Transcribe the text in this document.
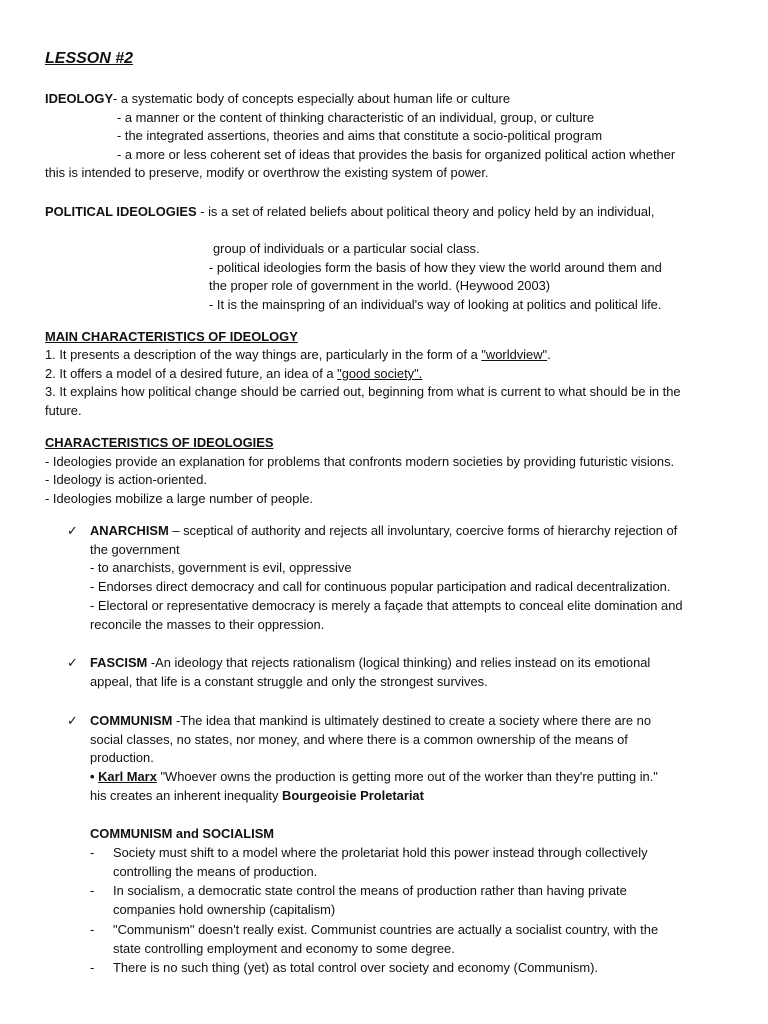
LESSON #2
IDEOLOGY- a systematic body of concepts especially about human life or culture
- a manner or the content of thinking characteristic of an individual, group, or culture
- the integrated assertions, theories and aims that constitute a socio-political program
- a more or less coherent set of ideas that provides the basis for organized political action whether
this is intended to preserve, modify or overthrow the existing system of power.
POLITICAL IDEOLOGIES - is a set of related beliefs about political theory and policy held by an individual,
group of individuals or a particular social class.
- political ideologies form the basis of how they view the world around them and
the proper role of government in the world. (Heywood 2003)
- It is the mainspring of an individual's way of looking at politics and political life.
MAIN CHARACTERISTICS OF IDEOLOGY
1. It presents a description of the way things are, particularly in the form of a "worldview".
2. It offers a model of a desired future, an idea of a "good society".
3. It explains how political change should be carried out, beginning from what is current to what should be in the
future.
CHARACTERISTICS OF IDEOLOGIES
- Ideologies provide an explanation for problems that confronts modern societies by providing futuristic visions.
- Ideology is action-oriented.
- Ideologies mobilize a large number of people.
✓ ANARCHISM – sceptical of authority and rejects all involuntary, coercive forms of hierarchy rejection of
the government
- to anarchists, government is evil, oppressive
- Endorses direct democracy and call for continuous popular participation and radical decentralization.
- Electoral or representative democracy is merely a façade that attempts to conceal elite domination and
reconcile the masses to their oppression.
✓ FASCISM -An ideology that rejects rationalism (logical thinking) and relies instead on its emotional
appeal, that life is a constant struggle and only the strongest survives.
✓ COMMUNISM -The idea that mankind is ultimately destined to create a society where there are no
social classes, no states, nor money, and where there is a common ownership of the means of
production.
• Karl Marx "Whoever owns the production is getting more out of the worker than they're putting in."
his creates an inherent inequality Bourgeoisie Proletariat
COMMUNISM and SOCIALISM
-	Society must shift to a model where the proletariat hold this power instead through collectively
controlling the means of production.
-	In socialism, a democratic state control the means of production rather than having private
companies hold ownership (capitalism)
-	"Communism" doesn't really exist. Communist countries are actually a socialist country, with the
state controlling employment and economy to some degree.
-	There is no such thing (yet) as total control over society and economy (Communism).
